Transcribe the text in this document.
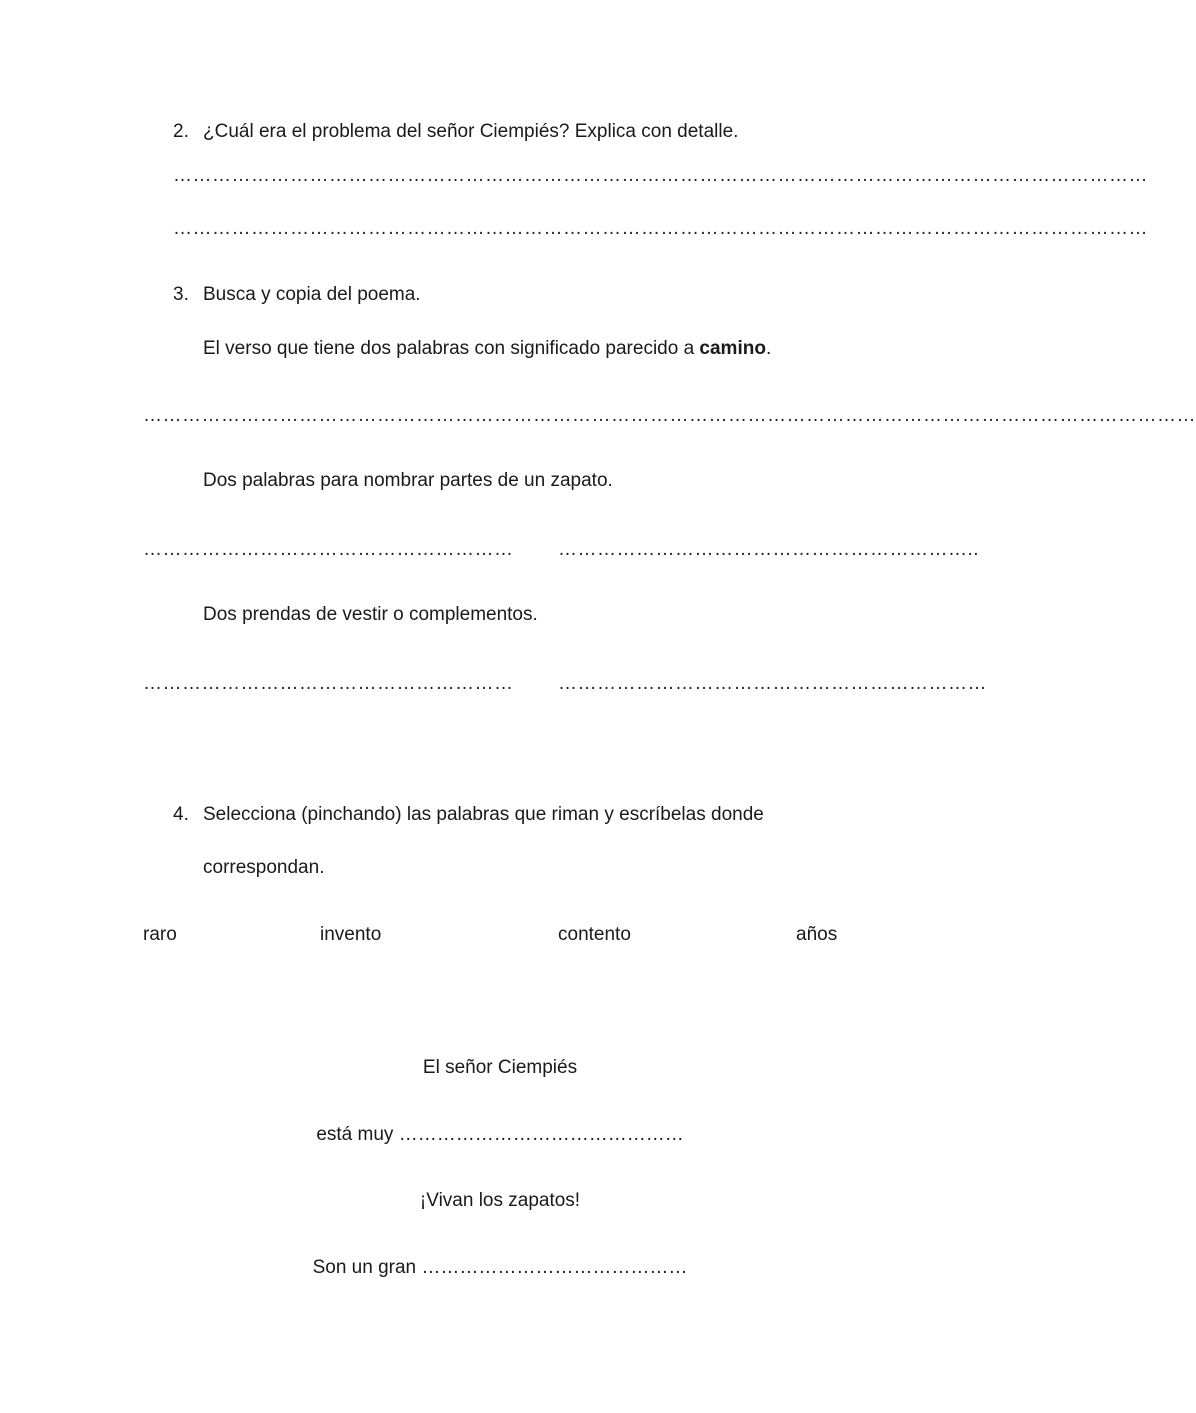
2. ¿Cuál era el problema del señor Ciempiés? Explica con detalle.
……………………………………………………………………………………………………………………………………
……………………………………………………………………………………………………………………………………
3. Busca y copia del poema.
El verso que tiene dos palabras con significado parecido a camino.
………………………………………………………………………………………………………………………………………………
Dos palabras para nombrar partes de un zapato.
………………………………………………… ………………………………………………………..
Dos prendas de vestir o complementos.
………………………………………………… …………………………………………………………
4. Selecciona (pinchando) las palabras que riman y escríbelas donde
correspondan.
raro	invento	contento	años
El señor Ciempiés
está muy ………………………………………
¡Vivan los zapatos!
Son un gran ……………………………………
